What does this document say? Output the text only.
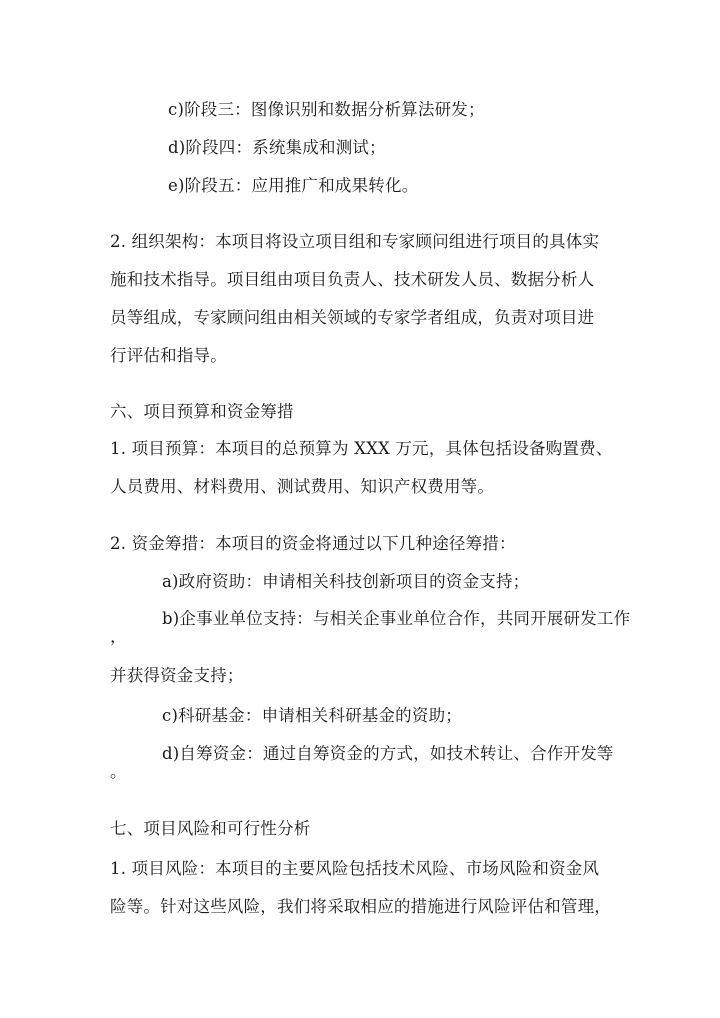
c)阶段三：图像识别和数据分析算法研发；
d)阶段四：系统集成和测试；
e)阶段五：应用推广和成果转化。
2. 组织架构：本项目将设立项目组和专家顾问组进行项目的具体实
施和技术指导。项目组由项目负责人、技术研发人员、数据分析人
员等组成，专家顾问组由相关领域的专家学者组成，负责对项目进
行评估和指导。
六、项目预算和资金筹措
1. 项目预算：本项目的总预算为 XXX 万元，具体包括设备购置费、
人员费用、材料费用、测试费用、知识产权费用等。
2. 资金筹措：本项目的资金将通过以下几种途径筹措：
a)政府资助：申请相关科技创新项目的资金支持；
b)企事业单位支持：与相关企事业单位合作，共同开展研发工作
，
并获得资金支持；
c)科研基金：申请相关科研基金的资助；
d)自筹资金：通过自筹资金的方式，如技术转让、合作开发等
。
七、项目风险和可行性分析
1. 项目风险：本项目的主要风险包括技术风险、市场风险和资金风
险等。针对这些风险，我们将采取相应的措施进行风险评估和管理，
